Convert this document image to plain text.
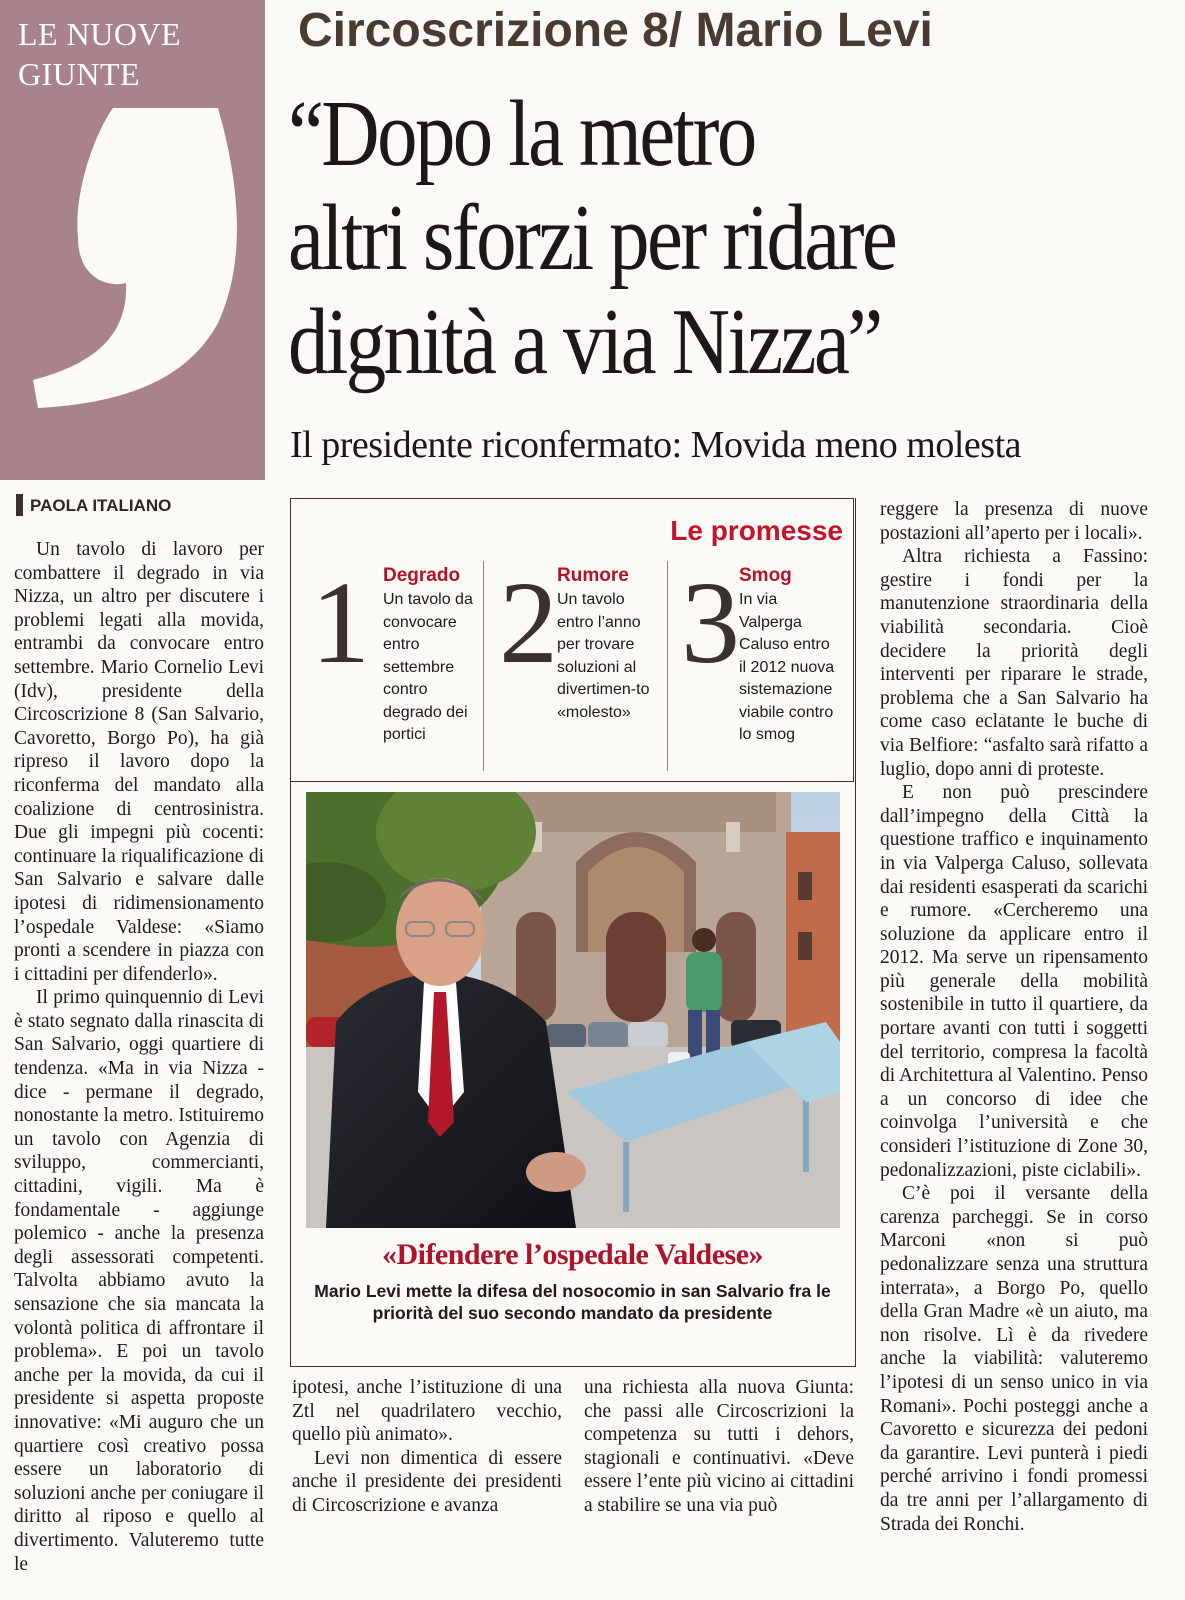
LE NUOVE
GIUNTE
Circoscrizione 8/ Mario Levi
“Dopo la metro
altri sforzi per ridare
dignità a via Nizza”
Il presidente riconfermato: Movida meno molesta
PAOLA ITALIANO

Un tavolo di lavoro per combattere il degrado in via Nizza, un altro per discutere i problemi legati alla movida, entrambi da convocare entro settembre. Mario Cornelio Levi (Idv), presidente della Circoscrizione 8 (San Salvario, Cavoretto, Borgo Po), ha già ripreso il lavoro dopo la riconferma del mandato alla coalizione di centrosinistra. Due gli impegni più cocenti: continuare la riqualificazione di San Salvario e salvare dalle ipotesi di ridimensionamento l’ospedale Valdese: «Siamo pronti a scendere in piazza con i cittadini per difenderlo».

Il primo quinquennio di Levi è stato segnato dalla rinascita di San Salvario, oggi quartiere di tendenza. «Ma in via Nizza - dice - permane il degrado, nonostante la metro. Istituiremo un tavolo con Agenzia di sviluppo, commercianti, cittadini, vigili. Ma è fondamentale - aggiunge polemico - anche la presenza degli assessorati competenti. Talvolta abbiamo avuto la sensazione che sia mancata la volontà politica di affrontare il problema». E poi un tavolo anche per la movida, da cui il presidente si aspetta proposte innovative: «Mi auguro che un quartiere così creativo possa essere un laboratorio di soluzioni anche per coniugare il diritto al riposo e quello al divertimento. Valuteremo tutte le

Le promesse
1 Degrado
Un tavolo da convocare entro settembre contro degrado dei portici
2 Rumore
Un tavolo entro l’anno per trovare soluzioni al divertimen-to «molesto»
3 Smog
In via Valperga Caluso entro il 2012 nuova sistemazione viabile contro lo smog
«Difendere l’ospedale Valdese»
Mario Levi mette la difesa del nosocomio in san Salvario fra le priorità del suo secondo mandato da presidente

ipotesi, anche l’istituzione di una Ztl nel quadrilatero vecchio, quello più animato».

Levi non dimentica di essere anche il presidente dei presidenti di Circoscrizione e avanza

una richiesta alla nuova Giunta: che passi alle Circoscrizioni la competenza su tutti i dehors, stagionali e continuativi. «Deve essere l’ente più vicino ai cittadini a stabilire se una via può

reggere la presenza di nuove postazioni all’aperto per i locali».

Altra richiesta a Fassino: gestire i fondi per la manutenzione straordinaria della viabilità secondaria. Cioè decidere la priorità degli interventi per riparare le strade, problema che a San Salvario ha come caso eclatante le buche di via Belfiore: “asfalto sarà rifatto a luglio, dopo anni di proteste.

E non può prescindere dall’impegno della Città la questione traffico e inquinamento in via Valperga Caluso, sollevata dai residenti esasperati da scarichi e rumore. «Cercheremo una soluzione da applicare entro il 2012. Ma serve un ripensamento più generale della mobilità sostenibile in tutto il quartiere, da portare avanti con tutti i soggetti del territorio, compresa la facoltà di Architettura al Valentino. Penso a un concorso di idee che coinvolga l’università e che consideri l’istituzione di Zone 30, pedonalizzazioni, piste ciclabili».

C’è poi il versante della carenza parcheggi. Se in corso Marconi «non si può pedonalizzare senza una struttura interrata», a Borgo Po, quello della Gran Madre «è un aiuto, ma non risolve. Lì è da rivedere anche la viabilità: valuteremo l’ipotesi di un senso unico in via Romani». Pochi posteggi anche a Cavoretto e sicurezza dei pedoni da garantire. Levi punterà i piedi perché arrivino i fondi promessi da tre anni per l’allargamento di Strada dei Ronchi.
